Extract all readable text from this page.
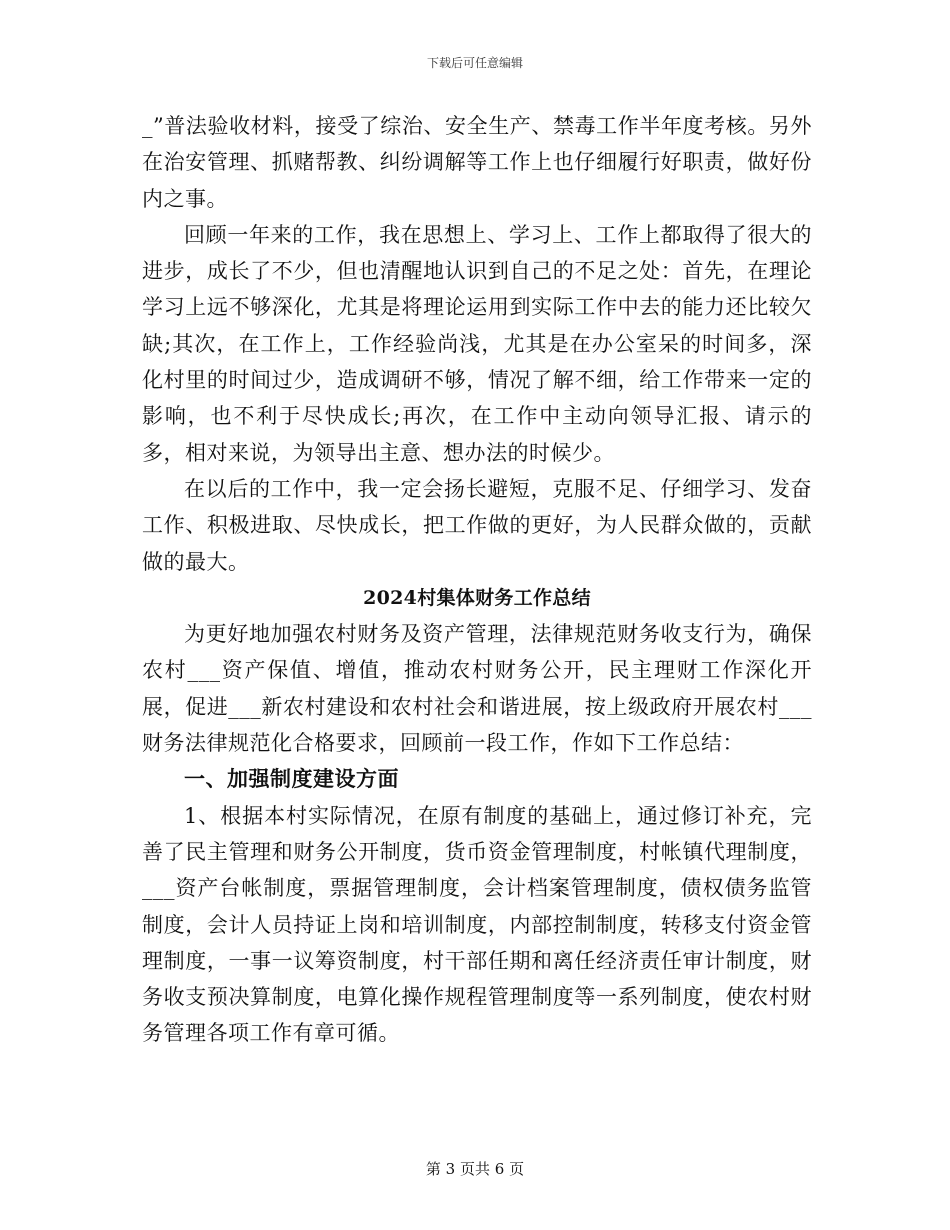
下载后可任意编辑

_”普法验收材料，接受了综治、安全生产、禁毒工作半年度考核。另外在治安管理、抓赌帮教、纠纷调解等工作上也仔细履行好职责，做好份内之事。

回顾一年来的工作，我在思想上、学习上、工作上都取得了很大的进步，成长了不少，但也清醒地认识到自己的不足之处：首先，在理论学习上远不够深化，尤其是将理论运用到实际工作中去的能力还比较欠缺;其次，在工作上，工作经验尚浅，尤其是在办公室呆的时间多，深化村里的时间过少，造成调研不够，情况了解不细，给工作带来一定的影响，也不利于尽快成长;再次，在工作中主动向领导汇报、请示的多，相对来说，为领导出主意、想办法的时候少。

在以后的工作中，我一定会扬长避短，克服不足、仔细学习、发奋工作、积极进取、尽快成长，把工作做的更好，为人民群众做的，贡献做的最大。

2024村集体财务工作总结

为更好地加强农村财务及资产管理，法律规范财务收支行为，确保农村___资产保值、增值，推动农村财务公开，民主理财工作深化开展，促进___新农村建设和农村社会和谐进展，按上级政府开展农村___财务法律规范化合格要求，回顾前一段工作，作如下工作总结：

一、加强制度建设方面

1、根据本村实际情况，在原有制度的基础上，通过修订补充，完善了民主管理和财务公开制度，货币资金管理制度，村帐镇代理制度，___资产台帐制度，票据管理制度，会计档案管理制度，债权债务监管制度，会计人员持证上岗和培训制度，内部控制制度，转移支付资金管理制度，一事一议筹资制度，村干部任期和离任经济责任审计制度，财务收支预决算制度，电算化操作规程管理制度等一系列制度，使农村财务管理各项工作有章可循。

第 3 页共 6 页
